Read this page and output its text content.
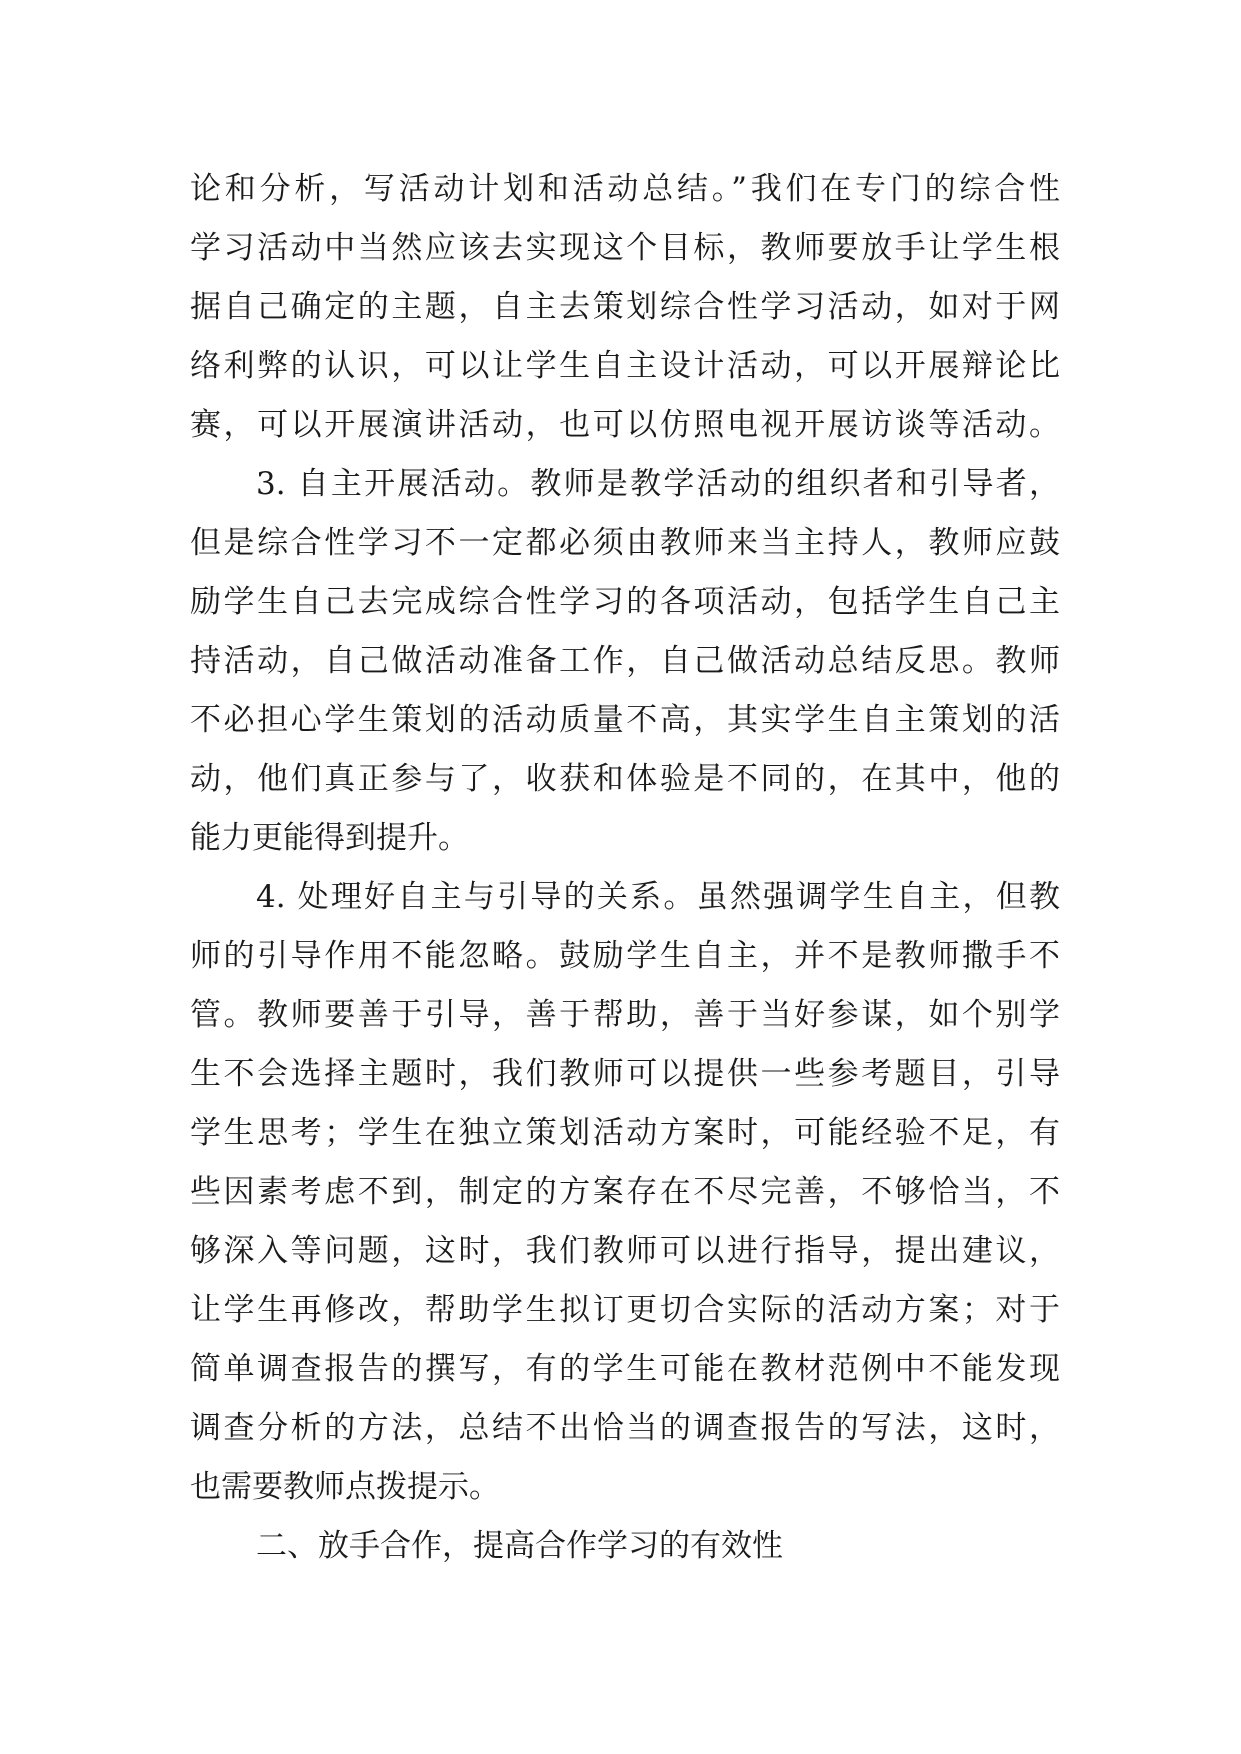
论和分析，写活动计划和活动总结。”我们在专门的综合性
学习活动中当然应该去实现这个目标，教师要放手让学生根
据自己确定的主题，自主去策划综合性学习活动，如对于网
络利弊的认识，可以让学生自主设计活动，可以开展辩论比
赛，可以开展演讲活动，也可以仿照电视开展访谈等活动。
3. 自主开展活动。教师是教学活动的组织者和引导者，
但是综合性学习不一定都必须由教师来当主持人，教师应鼓
励学生自己去完成综合性学习的各项活动，包括学生自己主
持活动，自己做活动准备工作，自己做活动总结反思。教师
不必担心学生策划的活动质量不高，其实学生自主策划的活
动，他们真正参与了，收获和体验是不同的，在其中，他的
能力更能得到提升。
4. 处理好自主与引导的关系。虽然强调学生自主，但教
师的引导作用不能忽略。鼓励学生自主，并不是教师撒手不
管。教师要善于引导，善于帮助，善于当好参谋，如个别学
生不会选择主题时，我们教师可以提供一些参考题目，引导
学生思考；学生在独立策划活动方案时，可能经验不足，有
些因素考虑不到，制定的方案存在不尽完善，不够恰当，不
够深入等问题，这时，我们教师可以进行指导，提出建议，
让学生再修改，帮助学生拟订更切合实际的活动方案；对于
简单调查报告的撰写，有的学生可能在教材范例中不能发现
调查分析的方法，总结不出恰当的调查报告的写法，这时，
也需要教师点拨提示。
二、放手合作，提高合作学习的有效性
